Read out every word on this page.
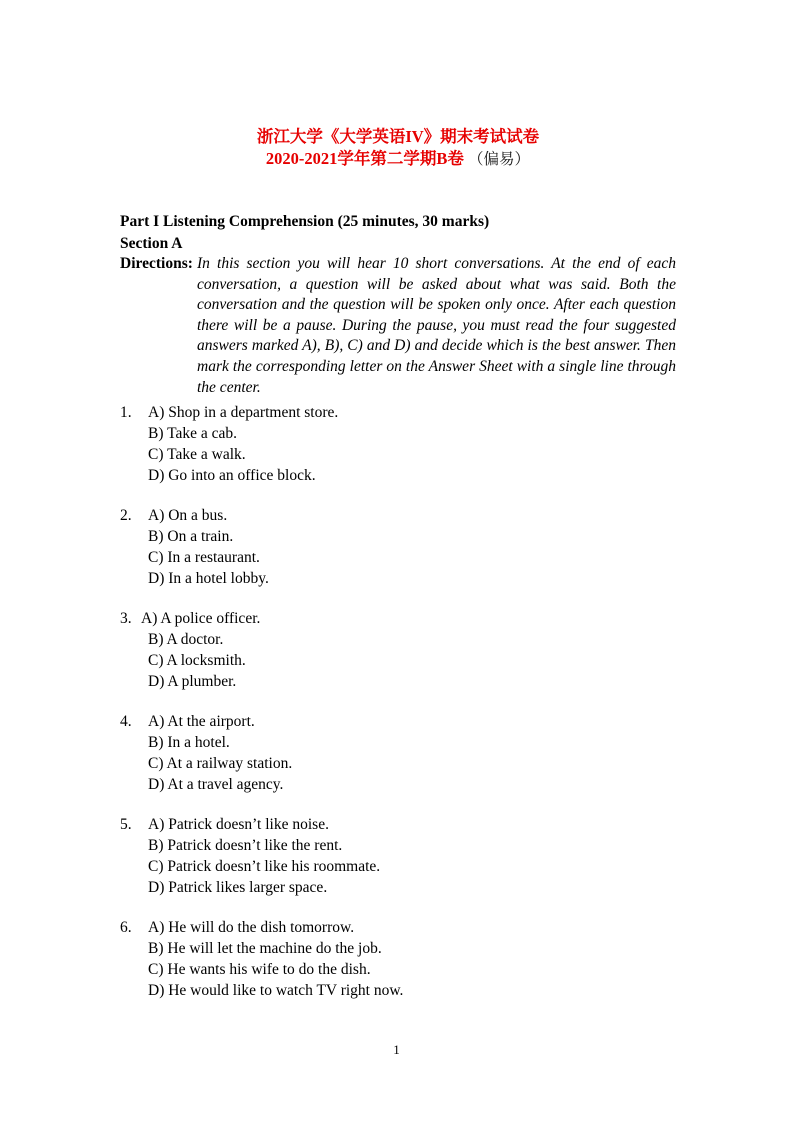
浙江大学《大学英语IV》期末考试试卷
2020-2021学年第二学期B卷 （偏易）
Part I Listening Comprehension (25 minutes, 30 marks)
Section A
Directions: In this section you will hear 10 short conversations. At the end of each conversation, a question will be asked about what was said. Both the conversation and the question will be spoken only once. After each question there will be a pause. During the pause, you must read the four suggested answers marked A), B), C) and D) and decide which is the best answer. Then mark the corresponding letter on the Answer Sheet with a single line through the center.
1.	A) Shop in a department store.
B) Take a cab.
C) Take a walk.
D) Go into an office block.
2.	A) On a bus.
B) On a train.
C) In a restaurant.
D) In a hotel lobby.
3. A) A police officer.
B) A doctor.
C) A locksmith.
D) A plumber.
4.	A) At the airport.
B) In a hotel.
C) At a railway station.
D) At a travel agency.
5.	A) Patrick doesn’t like noise.
B) Patrick doesn’t like the rent.
C) Patrick doesn’t like his roommate.
D) Patrick likes larger space.
6.	A) He will do the dish tomorrow.
B) He will let the machine do the job.
C) He wants his wife to do the dish.
D) He would like to watch TV right now.
1
